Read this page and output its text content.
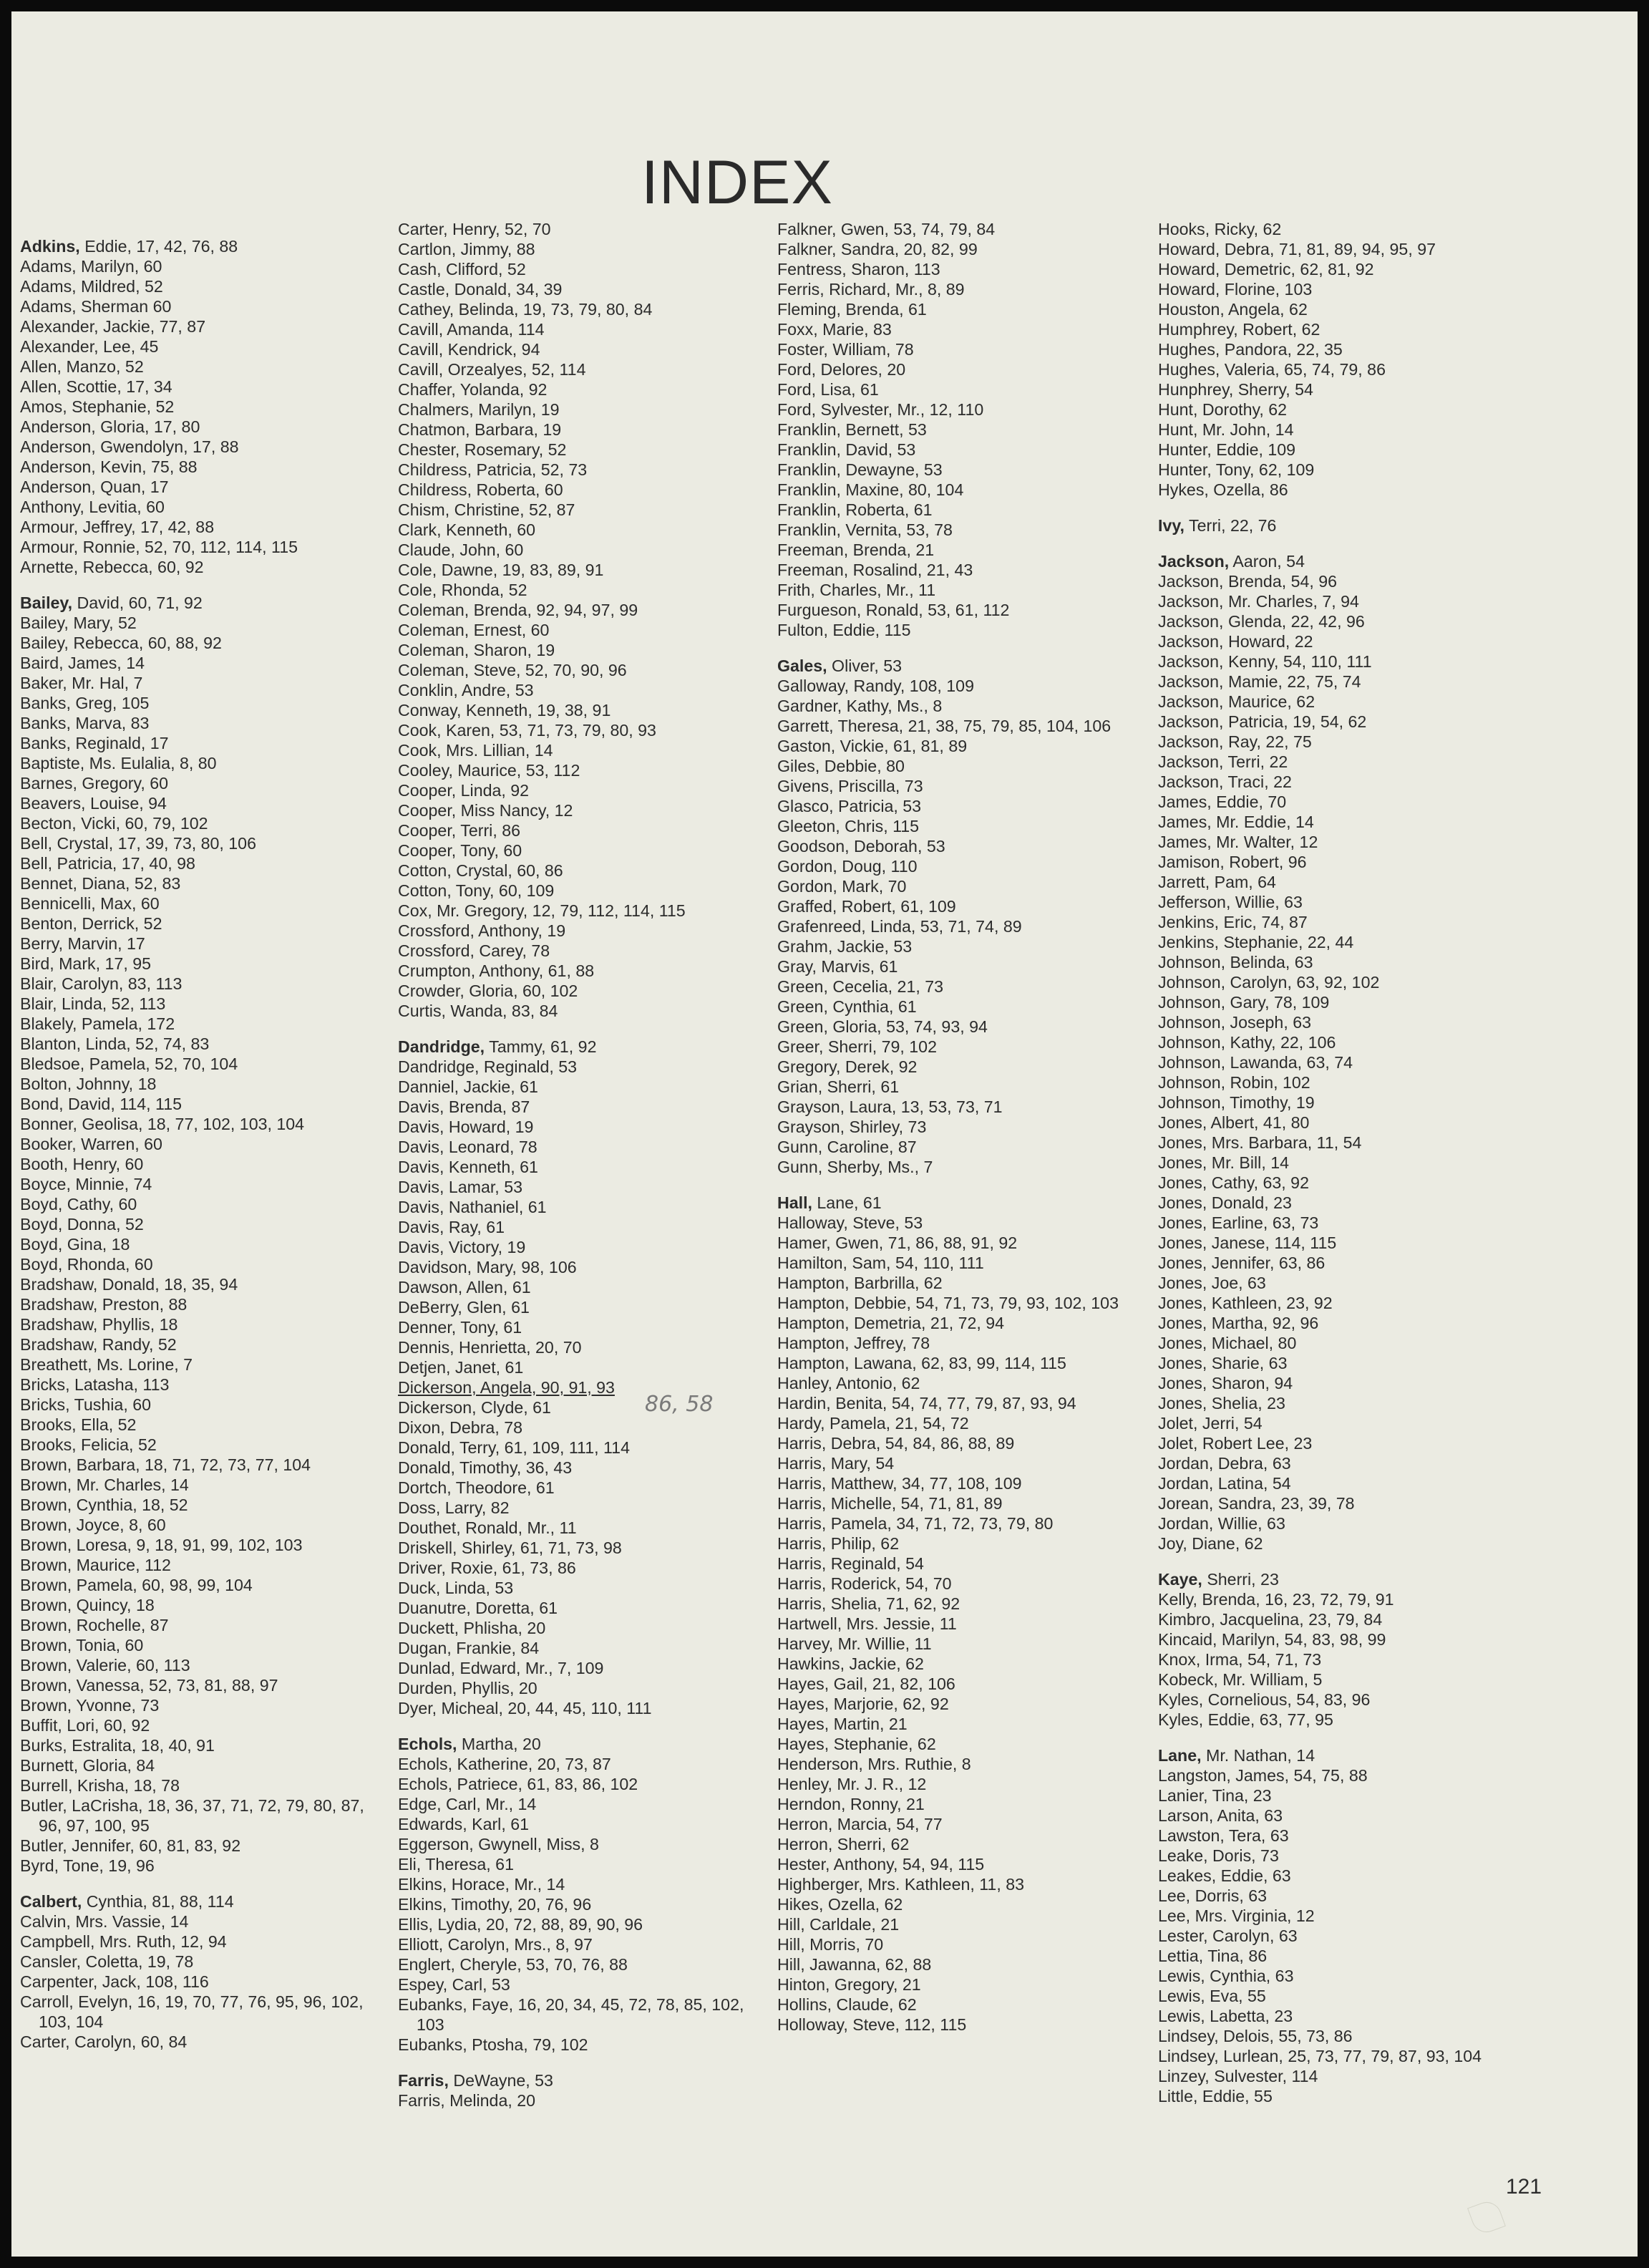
INDEX
Adkins, Eddie, 17, 42, 76, 88
Adams, Marilyn, 60
Adams, Mildred, 52
Adams, Sherman 60
Alexander, Jackie, 77, 87
Alexander, Lee, 45
Allen, Manzo, 52
Allen, Scottie, 17, 34
Amos, Stephanie, 52
Anderson, Gloria, 17, 80
Anderson, Gwendolyn, 17, 88
Anderson, Kevin, 75, 88
Anderson, Quan, 17
Anthony, Levitia, 60
Armour, Jeffrey, 17, 42, 88
Armour, Ronnie, 52, 70, 112, 114, 115
Arnette, Rebecca, 60, 92
Bailey, David, 60, 71, 92
Bailey, Mary, 52
Bailey, Rebecca, 60, 88, 92
Baird, James, 14
Baker, Mr. Hal, 7
Banks, Greg, 105
Banks, Marva, 83
Banks, Reginald, 17
Baptiste, Ms. Eulalia, 8, 80
Barnes, Gregory, 60
Beavers, Louise, 94
Becton, Vicki, 60, 79, 102
Bell, Crystal, 17, 39, 73, 80, 106
Bell, Patricia, 17, 40, 98
Bennet, Diana, 52, 83
Bennicelli, Max, 60
Benton, Derrick, 52
Berry, Marvin, 17
Bird, Mark, 17, 95
Blair, Carolyn, 83, 113
Blair, Linda, 52, 113
Blakely, Pamela, 172
Blanton, Linda, 52, 74, 83
Bledsoe, Pamela, 52, 70, 104
Bolton, Johnny, 18
Bond, David, 114, 115
Bonner, Geolisa, 18, 77, 102, 103, 104
Booker, Warren, 60
Booth, Henry, 60
Boyce, Minnie, 74
Boyd, Cathy, 60
Boyd, Donna, 52
Boyd, Gina, 18
Boyd, Rhonda, 60
Bradshaw, Donald, 18, 35, 94
Bradshaw, Preston, 88
Bradshaw, Phyllis, 18
Bradshaw, Randy, 52
Breathett, Ms. Lorine, 7
Bricks, Latasha, 113
Bricks, Tushia, 60
Brooks, Ella, 52
Brooks, Felicia, 52
Brown, Barbara, 18, 71, 72, 73, 77, 104
Brown, Mr. Charles, 14
Brown, Cynthia, 18, 52
Brown, Joyce, 8, 60
Brown, Loresa, 9, 18, 91, 99, 102, 103
Brown, Maurice, 112
Brown, Pamela, 60, 98, 99, 104
Brown, Quincy, 18
Brown, Rochelle, 87
Brown, Tonia, 60
Brown, Valerie, 60, 113
Brown, Vanessa, 52, 73, 81, 88, 97
Brown, Yvonne, 73
Buffit, Lori, 60, 92
Burks, Estralita, 18, 40, 91
Burnett, Gloria, 84
Burrell, Krisha, 18, 78
Butler, LaCrisha, 18, 36, 37, 71, 72, 79, 80, 87, 96, 97, 100, 95
Butler, Jennifer, 60, 81, 83, 92
Byrd, Tone, 19, 96
Calbert, Cynthia, 81, 88, 114
Calvin, Mrs. Vassie, 14
Campbell, Mrs. Ruth, 12, 94
Cansler, Coletta, 19, 78
Carpenter, Jack, 108, 116
Carroll, Evelyn, 16, 19, 70, 77, 76, 95, 96, 102, 103, 104
Carter, Carolyn, 60, 84
Carter, Henry, 52, 70
Cartlon, Jimmy, 88
Cash, Clifford, 52
Castle, Donald, 34, 39
Cathey, Belinda, 19, 73, 79, 80, 84
Cavill, Amanda, 114
Cavill, Kendrick, 94
Cavill, Orzealyes, 52, 114
Chaffer, Yolanda, 92
Chalmers, Marilyn, 19
Chatmon, Barbara, 19
Chester, Rosemary, 52
Childress, Patricia, 52, 73
Childress, Roberta, 60
Chism, Christine, 52, 87
Clark, Kenneth, 60
Claude, John, 60
Cole, Dawne, 19, 83, 89, 91
Cole, Rhonda, 52
Coleman, Brenda, 92, 94, 97, 99
Coleman, Ernest, 60
Coleman, Sharon, 19
Coleman, Steve, 52, 70, 90, 96
Conklin, Andre, 53
Conway, Kenneth, 19, 38, 91
Cook, Karen, 53, 71, 73, 79, 80, 93
Cook, Mrs. Lillian, 14
Cooley, Maurice, 53, 112
Cooper, Linda, 92
Cooper, Miss Nancy, 12
Cooper, Terri, 86
Cooper, Tony, 60
Cotton, Crystal, 60, 86
Cotton, Tony, 60, 109
Cox, Mr. Gregory, 12, 79, 112, 114, 115
Crossford, Anthony, 19
Crossford, Carey, 78
Crumpton, Anthony, 61, 88
Crowder, Gloria, 60, 102
Curtis, Wanda, 83, 84
Dandridge, Tammy, 61, 92
Dandridge, Reginald, 53
Danniel, Jackie, 61
Davis, Brenda, 87
Davis, Howard, 19
Davis, Leonard, 78
Davis, Kenneth, 61
Davis, Lamar, 53
Davis, Nathaniel, 61
Davis, Ray, 61
Davis, Victory, 19
Davidson, Mary, 98, 106
Dawson, Allen, 61
DeBerry, Glen, 61
Denner, Tony, 61
Dennis, Henrietta, 20, 70
Detjen, Janet, 61
Dickerson, Angela, 90, 91, 93
Dickerson, Clyde, 61
Dixon, Debra, 78
Donald, Terry, 61, 109, 111, 114
Donald, Timothy, 36, 43
Dortch, Theodore, 61
Doss, Larry, 82
Douthet, Ronald, Mr., 11
Driskell, Shirley, 61, 71, 73, 98
Driver, Roxie, 61, 73, 86
Duck, Linda, 53
Duanutre, Doretta, 61
Duckett, Phlisha, 20
Dugan, Frankie, 84
Dunlad, Edward, Mr., 7, 109
Durden, Phyllis, 20
Dyer, Micheal, 20, 44, 45, 110, 111
Echols, Martha, 20
Echols, Katherine, 20, 73, 87
Echols, Patriece, 61, 83, 86, 102
Edge, Carl, Mr., 14
Edwards, Karl, 61
Eggerson, Gwynell, Miss, 8
Eli, Theresa, 61
Elkins, Horace, Mr., 14
Elkins, Timothy, 20, 76, 96
Ellis, Lydia, 20, 72, 88, 89, 90, 96
Elliott, Carolyn, Mrs., 8, 97
Englert, Cheryle, 53, 70, 76, 88
Espey, Carl, 53
Eubanks, Faye, 16, 20, 34, 45, 72, 78, 85, 102, 103
Eubanks, Ptosha, 79, 102
Farris, DeWayne, 53
Farris, Melinda, 20
Falkner, Gwen, 53, 74, 79, 84
Falkner, Sandra, 20, 82, 99
Fentress, Sharon, 113
Ferris, Richard, Mr., 8, 89
Fleming, Brenda, 61
Foxx, Marie, 83
Foster, William, 78
Ford, Delores, 20
Ford, Lisa, 61
Ford, Sylvester, Mr., 12, 110
Franklin, Bernett, 53
Franklin, David, 53
Franklin, Dewayne, 53
Franklin, Maxine, 80, 104
Franklin, Roberta, 61
Franklin, Vernita, 53, 78
Freeman, Brenda, 21
Freeman, Rosalind, 21, 43
Frith, Charles, Mr., 11
Furgueson, Ronald, 53, 61, 112
Fulton, Eddie, 115
Gales, Oliver, 53
Galloway, Randy, 108, 109
Gardner, Kathy, Ms., 8
Garrett, Theresa, 21, 38, 75, 79, 85, 104, 106
Gaston, Vickie, 61, 81, 89
Giles, Debbie, 80
Givens, Priscilla, 73
Glasco, Patricia, 53
Gleeton, Chris, 115
Goodson, Deborah, 53
Gordon, Doug, 110
Gordon, Mark, 70
Graffed, Robert, 61, 109
Grafenreed, Linda, 53, 71, 74, 89
Grahm, Jackie, 53
Gray, Marvis, 61
Green, Cecelia, 21, 73
Green, Cynthia, 61
Green, Gloria, 53, 74, 93, 94
Greer, Sherri, 79, 102
Gregory, Derek, 92
Grian, Sherri, 61
Grayson, Laura, 13, 53, 73, 71
Grayson, Shirley, 73
Gunn, Caroline, 87
Gunn, Sherby, Ms., 7
Hall, Lane, 61
Halloway, Steve, 53
Hamer, Gwen, 71, 86, 88, 91, 92
Hamilton, Sam, 54, 110, 111
Hampton, Barbrilla, 62
Hampton, Debbie, 54, 71, 73, 79, 93, 102, 103
Hampton, Demetria, 21, 72, 94
Hampton, Jeffrey, 78
Hampton, Lawana, 62, 83, 99, 114, 115
Hanley, Antonio, 62
Hardin, Benita, 54, 74, 77, 79, 87, 93, 94
Hardy, Pamela, 21, 54, 72
Harris, Debra, 54, 84, 86, 88, 89
Harris, Mary, 54
Harris, Matthew, 34, 77, 108, 109
Harris, Michelle, 54, 71, 81, 89
Harris, Pamela, 34, 71, 72, 73, 79, 80
Harris, Philip, 62
Harris, Reginald, 54
Harris, Roderick, 54, 70
Harris, Shelia, 71, 62, 92
Hartwell, Mrs. Jessie, 11
Harvey, Mr. Willie, 11
Hawkins, Jackie, 62
Hayes, Gail, 21, 82, 106
Hayes, Marjorie, 62, 92
Hayes, Martin, 21
Hayes, Stephanie, 62
Henderson, Mrs. Ruthie, 8
Henley, Mr. J. R., 12
Herndon, Ronny, 21
Herron, Marcia, 54, 77
Herron, Sherri, 62
Hester, Anthony, 54, 94, 115
Highberger, Mrs. Kathleen, 11, 83
Hikes, Ozella, 62
Hill, Carldale, 21
Hill, Morris, 70
Hill, Jawanna, 62, 88
Hinton, Gregory, 21
Hollins, Claude, 62
Holloway, Steve, 112, 115
Hooks, Ricky, 62
Howard, Debra, 71, 81, 89, 94, 95, 97
Howard, Demetric, 62, 81, 92
Howard, Florine, 103
Houston, Angela, 62
Humphrey, Robert, 62
Hughes, Pandora, 22, 35
Hughes, Valeria, 65, 74, 79, 86
Hunphrey, Sherry, 54
Hunt, Dorothy, 62
Hunt, Mr. John, 14
Hunter, Eddie, 109
Hunter, Tony, 62, 109
Hykes, Ozella, 86
Ivy, Terri, 22, 76
Jackson, Aaron, 54
Jackson, Brenda, 54, 96
Jackson, Mr. Charles, 7, 94
Jackson, Glenda, 22, 42, 96
Jackson, Howard, 22
Jackson, Kenny, 54, 110, 111
Jackson, Mamie, 22, 75, 74
Jackson, Maurice, 62
Jackson, Patricia, 19, 54, 62
Jackson, Ray, 22, 75
Jackson, Terri, 22
Jackson, Traci, 22
James, Eddie, 70
James, Mr. Eddie, 14
James, Mr. Walter, 12
Jamison, Robert, 96
Jarrett, Pam, 64
Jefferson, Willie, 63
Jenkins, Eric, 74, 87
Jenkins, Stephanie, 22, 44
Johnson, Belinda, 63
Johnson, Carolyn, 63, 92, 102
Johnson, Gary, 78, 109
Johnson, Joseph, 63
Johnson, Kathy, 22, 106
Johnson, Lawanda, 63, 74
Johnson, Robin, 102
Johnson, Timothy, 19
Jones, Albert, 41, 80
Jones, Mrs. Barbara, 11, 54
Jones, Mr. Bill, 14
Jones, Cathy, 63, 92
Jones, Donald, 23
Jones, Earline, 63, 73
Jones, Janese, 114, 115
Jones, Jennifer, 63, 86
Jones, Joe, 63
Jones, Kathleen, 23, 92
Jones, Martha, 92, 96
Jones, Michael, 80
Jones, Sharie, 63
Jones, Sharon, 94
Jones, Shelia, 23
Jolet, Jerri, 54
Jolet, Robert Lee, 23
Jordan, Debra, 63
Jordan, Latina, 54
Jorean, Sandra, 23, 39, 78
Jordan, Willie, 63
Joy, Diane, 62
Kaye, Sherri, 23
Kelly, Brenda, 16, 23, 72, 79, 91
Kimbro, Jacquelina, 23, 79, 84
Kincaid, Marilyn, 54, 83, 98, 99
Knox, Irma, 54, 71, 73
Kobeck, Mr. William, 5
Kyles, Cornelious, 54, 83, 96
Kyles, Eddie, 63, 77, 95
Lane, Mr. Nathan, 14
Langston, James, 54, 75, 88
Lanier, Tina, 23
Larson, Anita, 63
Lawston, Tera, 63
Leake, Doris, 73
Leakes, Eddie, 63
Lee, Dorris, 63
Lee, Mrs. Virginia, 12
Lester, Carolyn, 63
Lettia, Tina, 86
Lewis, Cynthia, 63
Lewis, Eva, 55
Lewis, Labetta, 23
Lindsey, Delois, 55, 73, 86
Lindsey, Lurlean, 25, 73, 77, 79, 87, 93, 104
Linzey, Sulvester, 114
Little, Eddie, 55
86, 58
121
